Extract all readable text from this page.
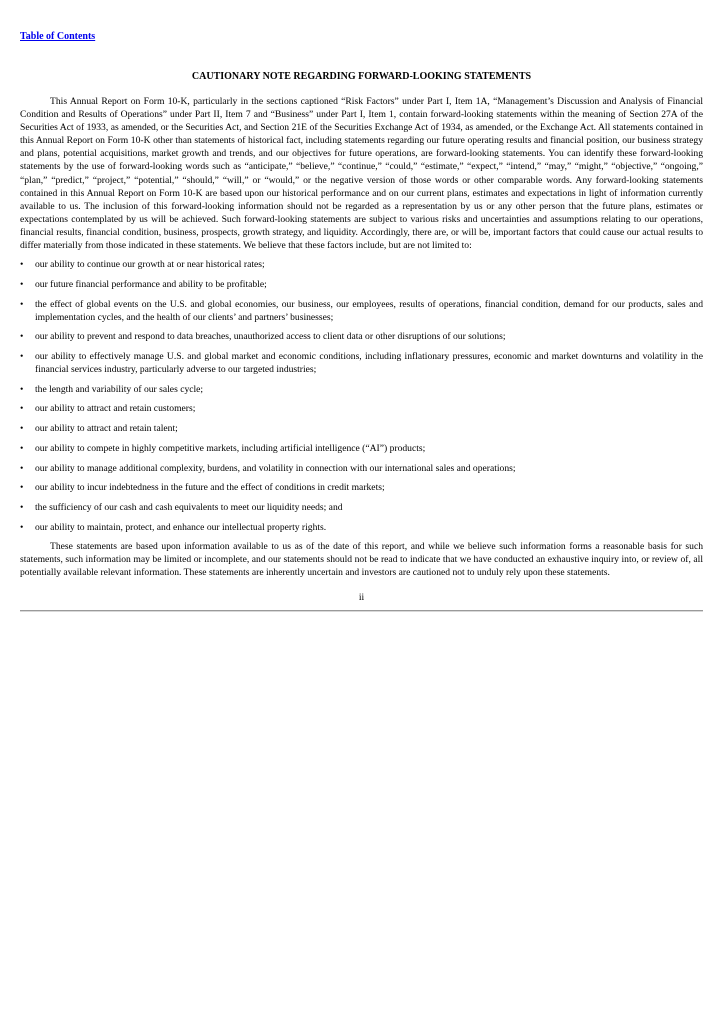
Table of Contents
CAUTIONARY NOTE REGARDING FORWARD-LOOKING STATEMENTS

This Annual Report on Form 10-K, particularly in the sections captioned “Risk Factors” under Part I, Item 1A, “Management’s Discussion and Analysis of Financial Condition and Results of Operations” under Part II, Item 7 and “Business” under Part I, Item 1, contain forward-looking statements within the meaning of Section 27A of the Securities Act of 1933, as amended, or the Securities Act, and Section 21E of the Securities Exchange Act of 1934, as amended, or the Exchange Act. All statements contained in this Annual Report on Form 10-K other than statements of historical fact, including statements regarding our future operating results and financial position, our business strategy and plans, potential acquisitions, market growth and trends, and our objectives for future operations, are forward-looking statements. You can identify these forward-looking statements by the use of forward-looking words such as “anticipate,” “believe,” “continue,” “could,” “estimate,” “expect,” “intend,” “may,” “might,” “objective,” “ongoing,” “plan,” “predict,” “project,” “potential,” “should,” “will,” or “would,” or the negative version of those words or other comparable words. Any forward-looking statements contained in this Annual Report on Form 10-K are based upon our historical performance and on our current plans, estimates and expectations in light of information currently available to us. The inclusion of this forward-looking information should not be regarded as a representation by us or any other person that the future plans, estimates or expectations contemplated by us will be achieved. Such forward-looking statements are subject to various risks and uncertainties and assumptions relating to our operations, financial results, financial condition, business, prospects, growth strategy, and liquidity. Accordingly, there are, or will be, important factors that could cause our actual results to differ materially from those indicated in these statements. We believe that these factors include, but are not limited to:

• our ability to continue our growth at or near historical rates;
• our future financial performance and ability to be profitable;
• the effect of global events on the U.S. and global economies, our business, our employees, results of operations, financial condition, demand for our products, sales and implementation cycles, and the health of our clients’ and partners’ businesses;
• our ability to prevent and respond to data breaches, unauthorized access to client data or other disruptions of our solutions;
• our ability to effectively manage U.S. and global market and economic conditions, including inflationary pressures, economic and market downturns and volatility in the financial services industry, particularly adverse to our targeted industries;
• the length and variability of our sales cycle;
• our ability to attract and retain customers;
• our ability to attract and retain talent;
• our ability to compete in highly competitive markets, including artificial intelligence (“AI”) products;
• our ability to manage additional complexity, burdens, and volatility in connection with our international sales and operations;
• our ability to incur indebtedness in the future and the effect of conditions in credit markets;
• the sufficiency of our cash and cash equivalents to meet our liquidity needs; and
• our ability to maintain, protect, and enhance our intellectual property rights.

These statements are based upon information available to us as of the date of this report, and while we believe such information forms a reasonable basis for such statements, such information may be limited or incomplete, and our statements should not be read to indicate that we have conducted an exhaustive inquiry into, or review of, all potentially available relevant information. These statements are inherently uncertain and investors are cautioned not to unduly rely upon these statements.

ii
